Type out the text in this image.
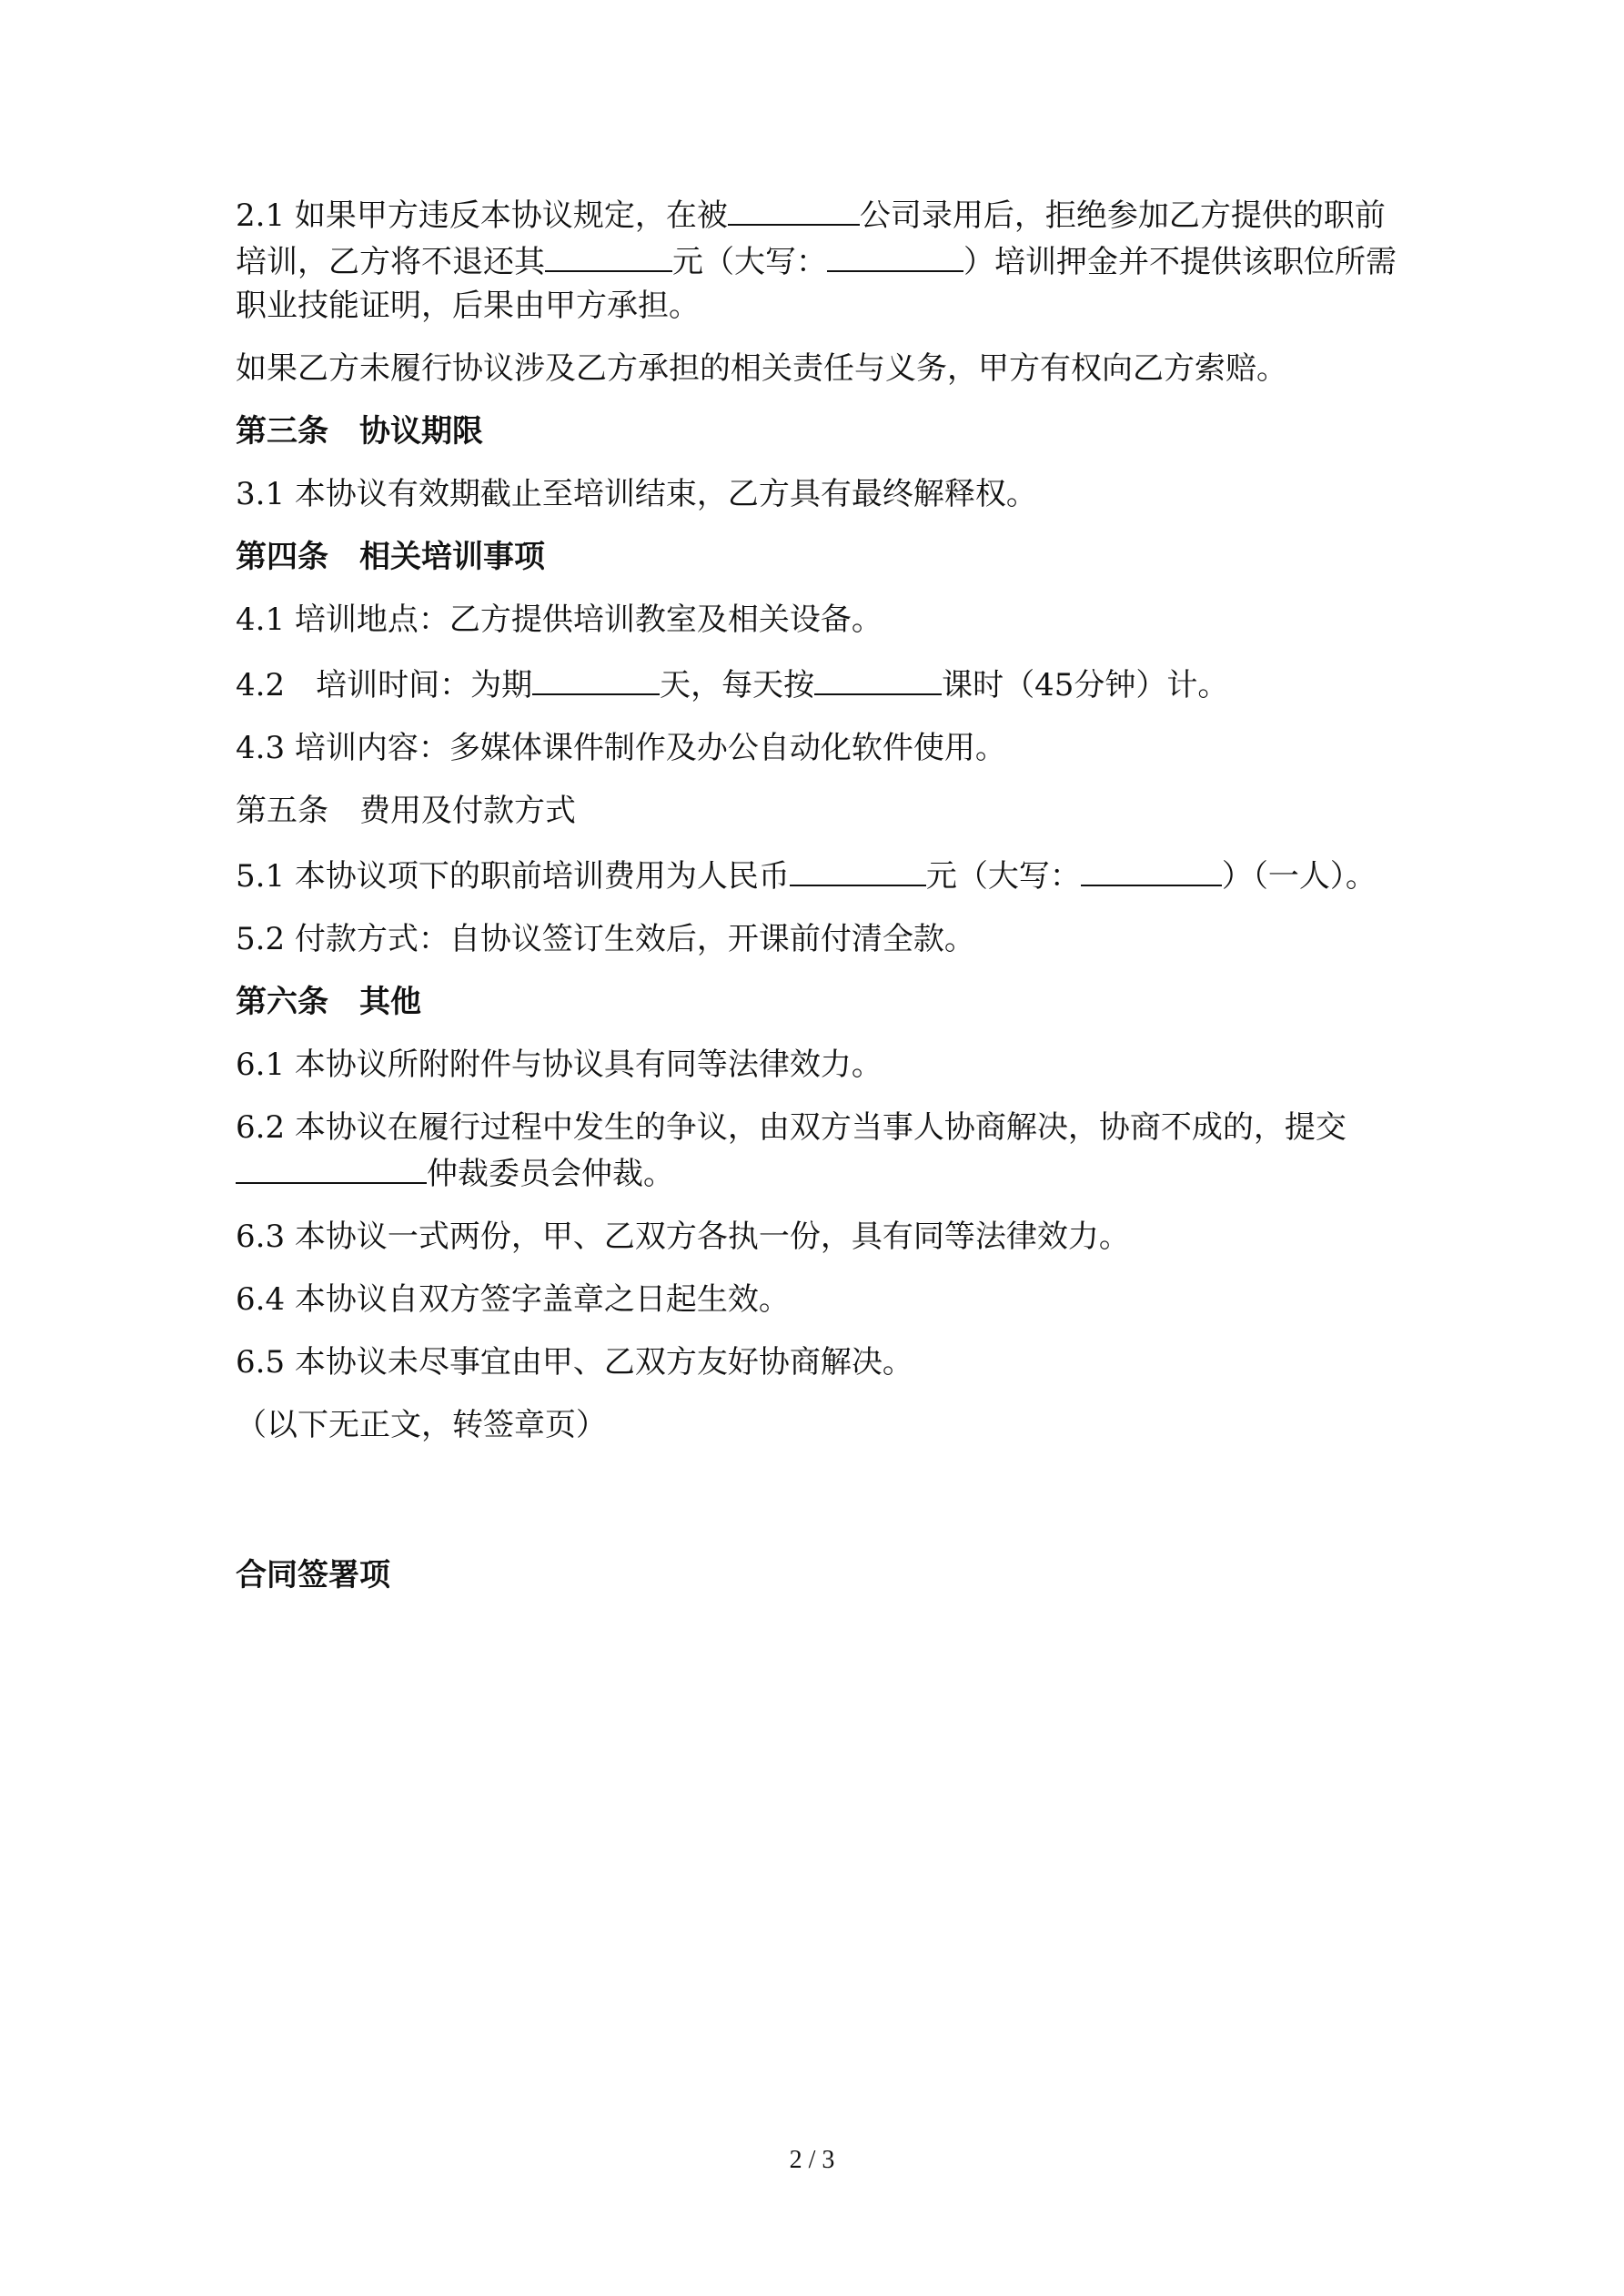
2.1 如果甲方违反本协议规定，在被	公司录用后，拒绝参加乙方提供的职前培训，乙方将不退还其	元（大写：	）培训押金并不提供该职位所需职业技能证明，后果由甲方承担。

如果乙方未履行协议涉及乙方承担的相关责任与义务，甲方有权向乙方索赔。

第三条　协议期限

3.1 本协议有效期截止至培训结束，乙方具有最终解释权。

第四条　相关培训事项

4.1 培训地点：乙方提供培训教室及相关设备。

4.2　培训时间：为期	天，每天按	课时（45分钟）计。

4.3 培训内容：多媒体课件制作及办公自动化软件使用。

第五条　费用及付款方式

5.1 本协议项下的职前培训费用为人民币	元（大写：	）（一人）。

5.2 付款方式：自协议签订生效后，开课前付清全款。

第六条　其他

6.1 本协议所附附件与协议具有同等法律效力。

6.2 本协议在履行过程中发生的争议，由双方当事人协商解决，协商不成的，提交仲裁委员会仲裁。

6.3 本协议一式两份，甲、乙双方各执一份，具有同等法律效力。

6.4 本协议自双方签字盖章之日起生效。

6.5 本协议未尽事宜由甲、乙双方友好协商解决。

（以下无正文，转签章页）

合同签署项

2 / 3
